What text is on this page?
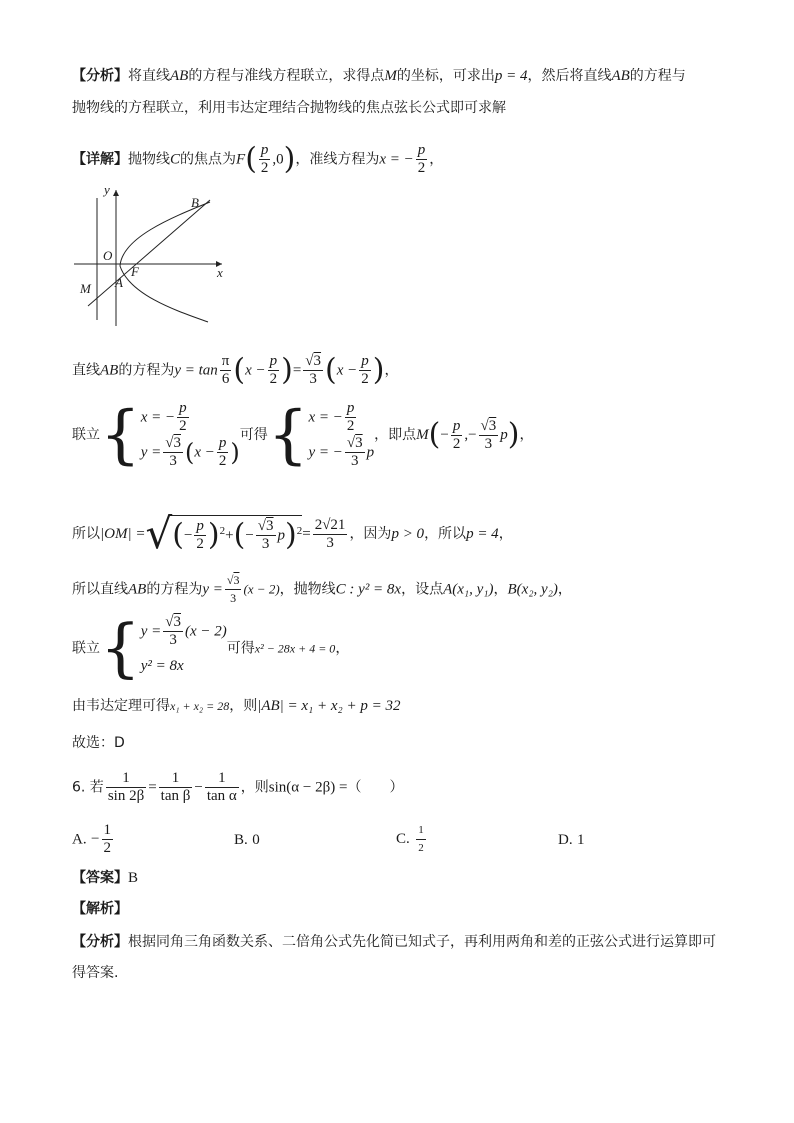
【分析】将直线AB的方程与准线方程联立，求得点M的坐标，可求出p = 4，然后将直线AB的方程与
抛物线的方程联立，利用韦达定理结合抛物线的焦点弦长公式即可求解
【详解】抛物线C的焦点为$F( \frac{p}{2} ,0)$，准线方程为x = − $\frac{p}{2}$ ，
y
x
O
F
A
B
M
直线AB的方程为$y = \tan \frac{\pi}{6} (x - \frac{p}{2}$ )= $\frac{√3}{3} (x - \frac{p}{2}$ )，
联立{ x = − $\frac{p}{2}$
$y = \frac{√3}{3} (x - \frac{p}{2}$ )
可得{ x = − $\frac{p}{2}$
y = − $\frac{√3}{3}$ p
，即点$M(- \frac{p}{2}$ ,− $\frac{√3}{3} p$)，
所以|OM| =√(− $\frac{p}{2} )^2+(- \frac{√3}{3} p)^2= \frac{2√21}{3}$ ，因为p > 0，所以p = 4，
所以直线AB的方程为$y = \frac{√3}{3} (x - 2)$，抛物线C : y² = 8x，设点A(x₁, y₁)，B(x₂, y₂)，
联立{ $y = \frac{√3}{3} (x - 2)$
y² = 8x
可得x² − 28x + 4 = 0，
由韦达定理可得x₁ + x₂ = 28，则|AB| = x₁ + x₂ + p = 32
故选：D
6. 若 $\frac{1}{\sin 2\beta} = \frac{1}{\text{tan β}} - \frac{1}{\text{tan α}}$ ，则sin(α − 2β) =（　　）
A. − $\frac{1}{2}$	B. 0	C. $\frac{1}{2}$	D. 1
【答案】B
【解析】
【分析】根据同角三角函数关系、二倍角公式先化简已知式子，再利用两角和差的正弦公式进行运算即可
得答案.
